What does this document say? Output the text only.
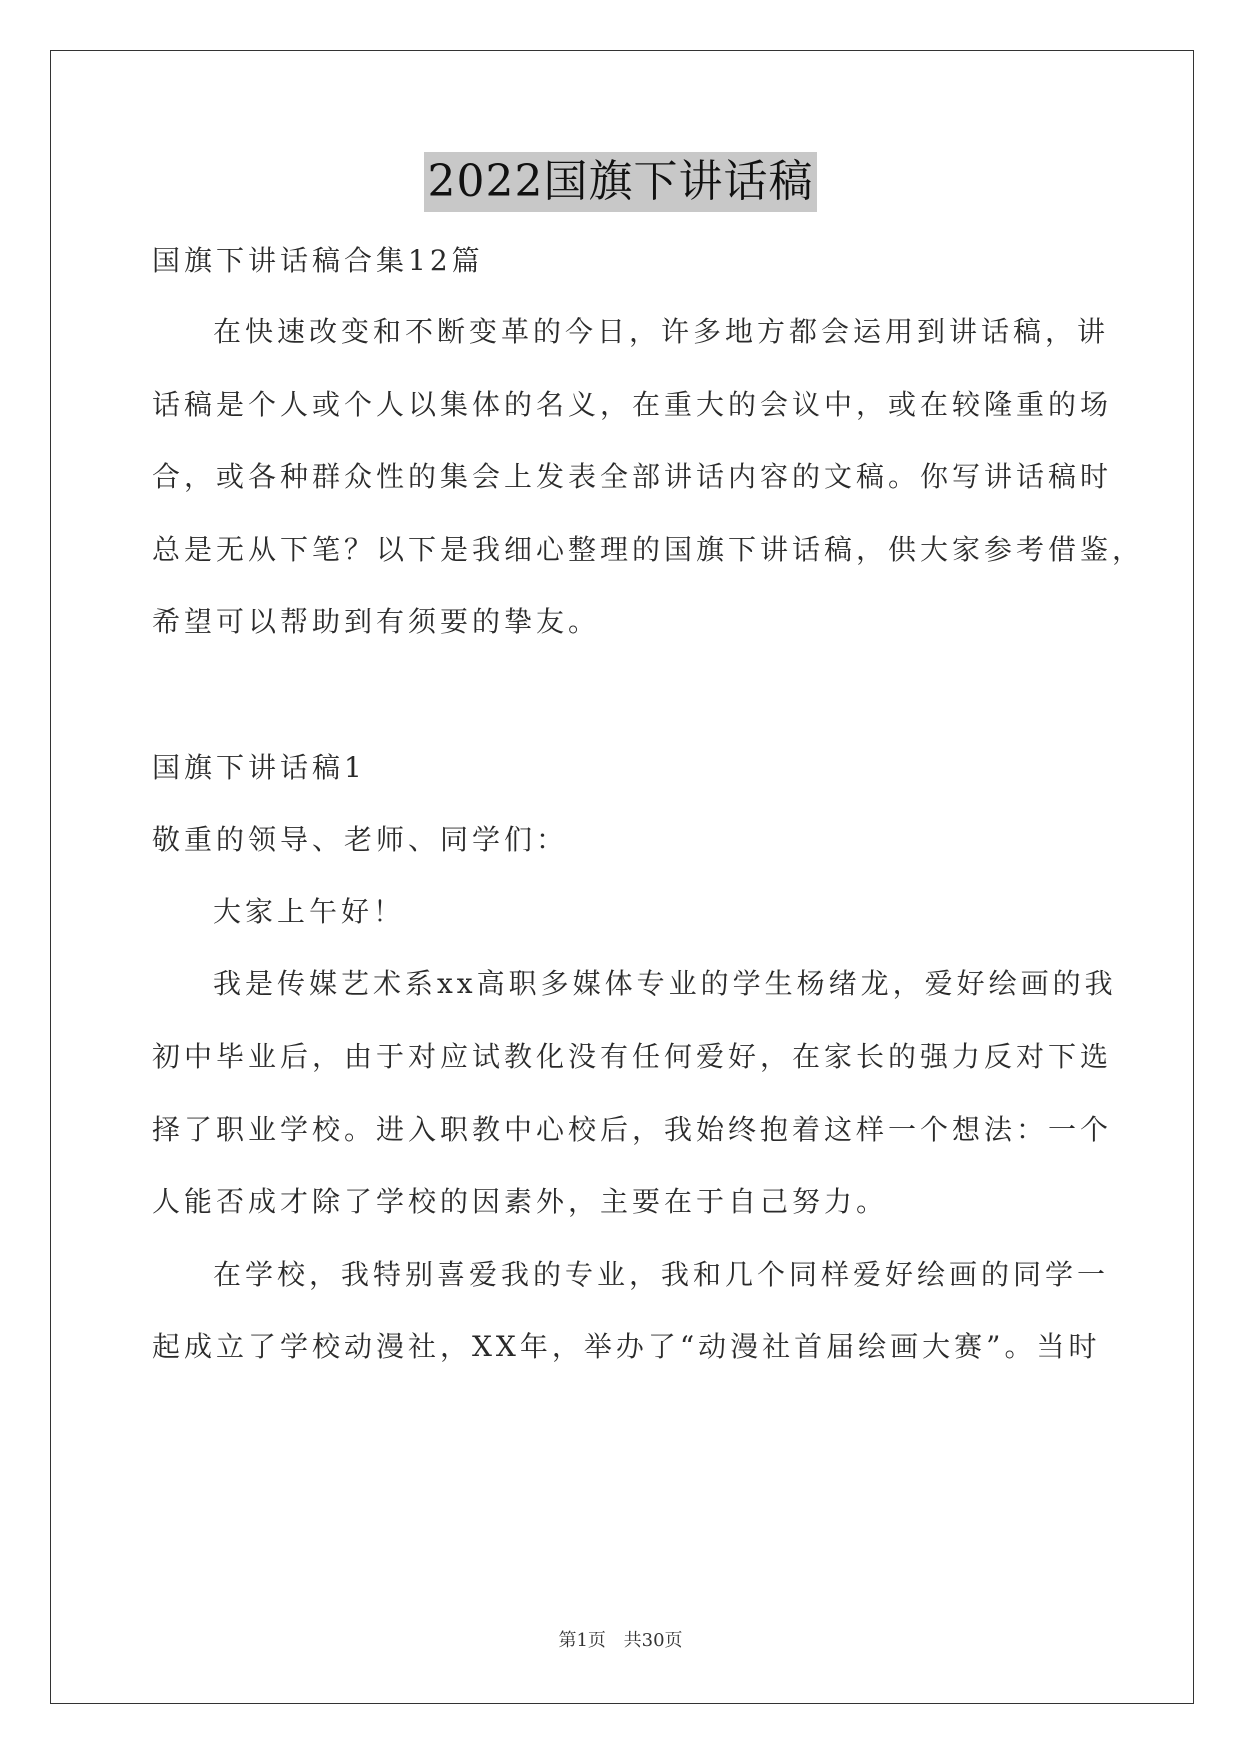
2022国旗下讲话稿
国旗下讲话稿合集12篇
在快速改变和不断变革的今日，许多地方都会运用到讲话稿，讲
话稿是个人或个人以集体的名义，在重大的会议中，或在较隆重的场
合，或各种群众性的集会上发表全部讲话内容的文稿。你写讲话稿时
总是无从下笔？以下是我细心整理的国旗下讲话稿，供大家参考借鉴，
希望可以帮助到有须要的挚友。
国旗下讲话稿1
敬重的领导、老师、同学们：
大家上午好！
我是传媒艺术系xx高职多媒体专业的学生杨绪龙，爱好绘画的我
初中毕业后，由于对应试教化没有任何爱好，在家长的强力反对下选
择了职业学校。进入职教中心校后，我始终抱着这样一个想法：一个
人能否成才除了学校的因素外，主要在于自己努力。
在学校，我特别喜爱我的专业，我和几个同样爱好绘画的同学一
起成立了学校动漫社，XX年，举办了“动漫社首届绘画大赛”。当时
第1页 共30页
